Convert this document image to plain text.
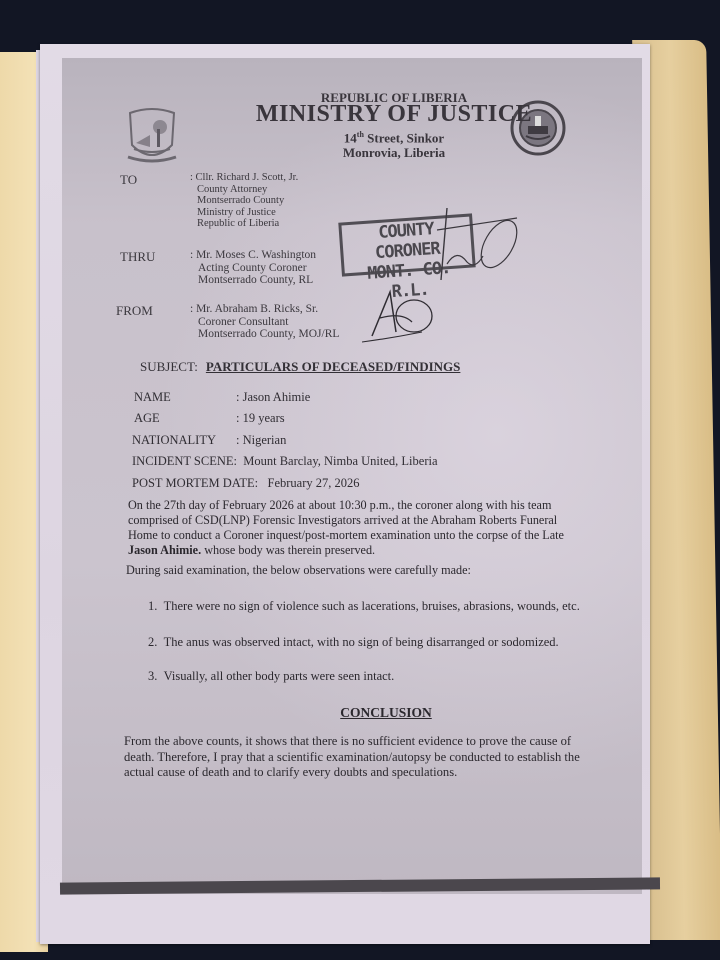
REPUBLIC OF LIBERIA
MINISTRY OF JUSTICE
14th Street, Sinkor
Monrovia, Liberia
TO	: Cllr. Richard J. Scott, Jr.
County Attorney
Montserrado County
Ministry of Justice
Republic of Liberia
THRU	: Mr. Moses C. Washington
Acting County Coroner
Montserrado County, RL
FROM	: Mr. Abraham B. Ricks, Sr.
Coroner Consultant
Montserrado County, MOJ/RL
COUNTY CORONER
MONT. CO. R.L.
SUBJECT: PARTICULARS OF DECEASED/FINDINGS
NAME	: Jason Ahimie
AGE	: 19 years
NATIONALITY : Nigerian
INCIDENT SCENE: Mount Barclay, Nimba United, Liberia
POST MORTEM DATE: February 27, 2026
On the 27th day of February 2026 at about 10:30 p.m., the coroner along with his team
comprised of CSD(LNP) Forensic Investigators arrived at the Abraham Roberts Funeral
Home to conduct a Coroner inquest/post-mortem examination unto the corpse of the Late
Jason Ahimie. whose body was therein preserved.
During said examination, the below observations were carefully made:
1. There were no sign of violence such as lacerations, bruises, abrasions, wounds, etc.
2. The anus was observed intact, with no sign of being disarranged or sodomized.
3. Visually, all other body parts were seen intact.
CONCLUSION
From the above counts, it shows that there is no sufficient evidence to prove the cause of
death. Therefore, I pray that a scientific examination/autopsy be conducted to establish the
actual cause of death and to clarify every doubts and speculations.
